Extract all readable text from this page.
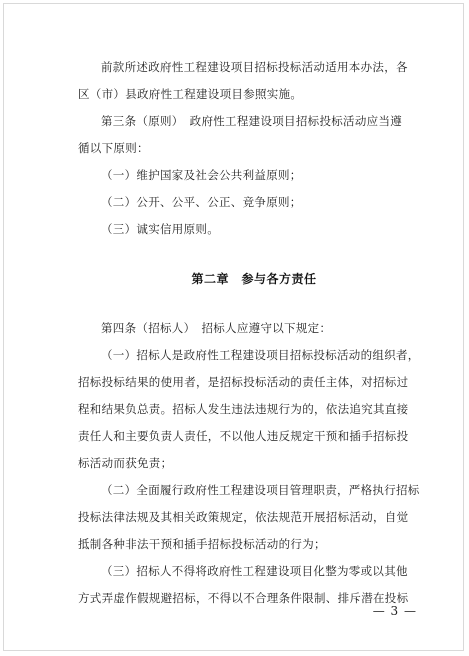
前款所述政府性工程建设项目招标投标活动适用本办法，各

区（市）县政府性工程建设项目参照实施。

第三条（原则）　政府性工程建设项目招标投标活动应当遵

循以下原则：

（一）维护国家及社会公共利益原则；

（二）公开、公平、公正、竞争原则；

（三）诚实信用原则。

第二章　参与各方责任

第四条（招标人）　招标人应遵守以下规定：

（一）招标人是政府性工程建设项目招标投标活动的组织者，

招标投标结果的使用者，是招标投标活动的责任主体，对招标过

程和结果负总责。招标人发生违法违规行为的，依法追究其直接

责任人和主要负责人责任，不以他人违反规定干预和插手招标投

标活动而获免责；

（二）全面履行政府性工程建设项目管理职责，严格执行招标

投标法律法规及其相关政策规定，依法规范开展招标活动，自觉

抵制各种非法干预和插手招标投标活动的行为；

（三）招标人不得将政府性工程建设项目化整为零或以其他

方式弄虚作假规避招标，不得以不合理条件限制、排斥潜在投标

— 3 —
